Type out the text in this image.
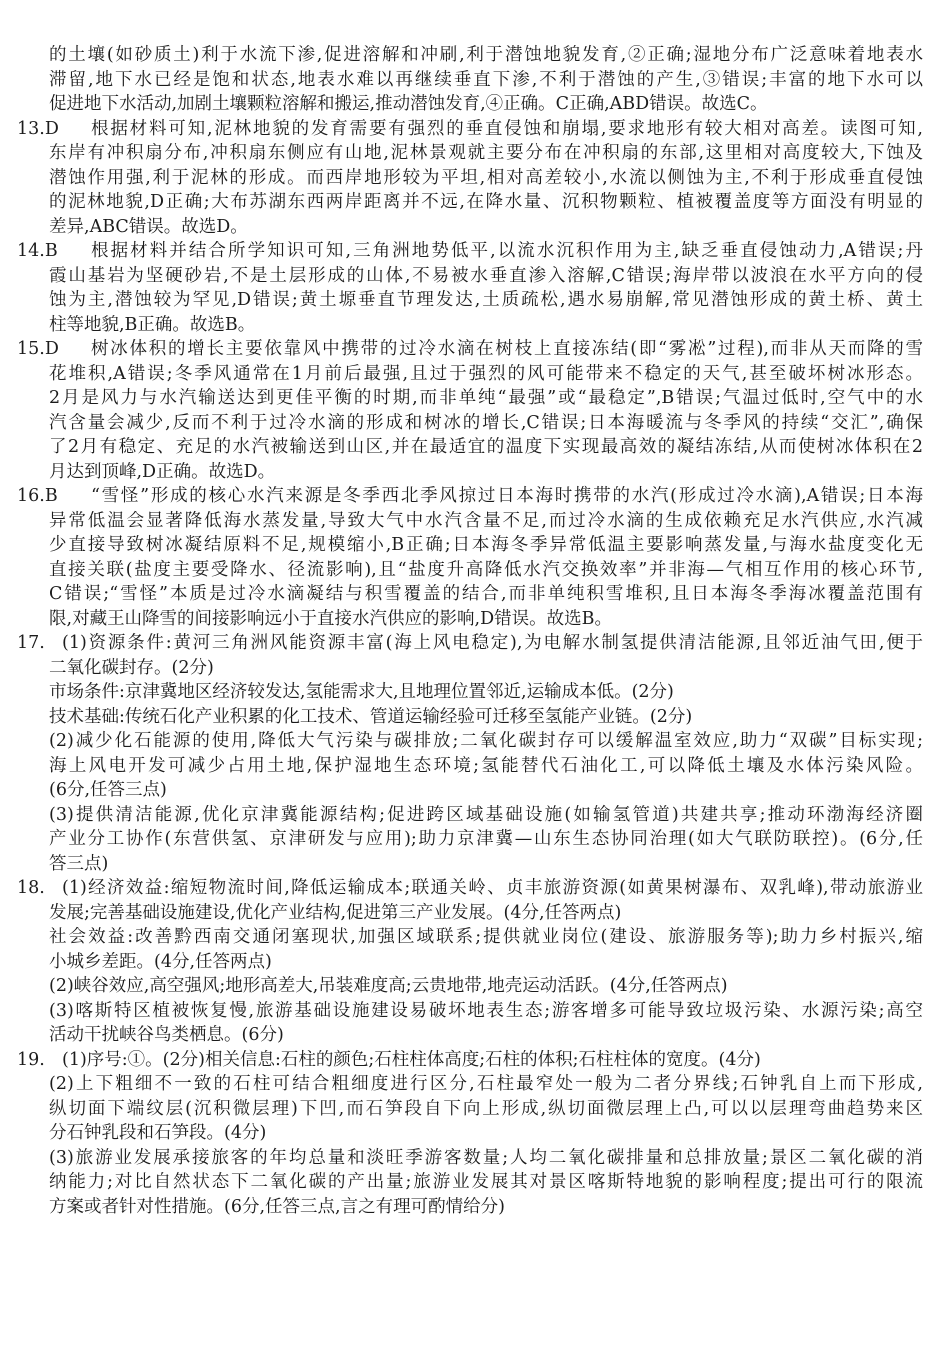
的土壤(如砂质土)利于水流下渗,促进溶解和冲刷,利于潜蚀地貌发育,②正确;湿地分布广泛意味着地表水
滞留,地下水已经是饱和状态,地表水难以再继续垂直下渗,不利于潜蚀的产生,③错误;丰富的地下水可以
促进地下水活动,加剧土壤颗粒溶解和搬运,推动潜蚀发育,④正确。C正确,ABD错误。故选C。
13.D	根据材料可知,泥林地貌的发育需要有强烈的垂直侵蚀和崩塌,要求地形有较大相对高差。读图可知,
东岸有冲积扇分布,冲积扇东侧应有山地,泥林景观就主要分布在冲积扇的东部,这里相对高度较大,下蚀及
潜蚀作用强,利于泥林的形成。而西岸地形较为平坦,相对高差较小,水流以侧蚀为主,不利于形成垂直侵蚀
的泥林地貌,D正确;大布苏湖东西两岸距离并不远,在降水量、沉积物颗粒、植被覆盖度等方面没有明显的
差异,ABC错误。故选D。
14.B	根据材料并结合所学知识可知,三角洲地势低平,以流水沉积作用为主,缺乏垂直侵蚀动力,A错误;丹
霞山基岩为坚硬砂岩,不是土层形成的山体,不易被水垂直渗入溶解,C错误;海岸带以波浪在水平方向的侵
蚀为主,潜蚀较为罕见,D错误;黄土塬垂直节理发达,土质疏松,遇水易崩解,常见潜蚀形成的黄土桥、黄土
柱等地貌,B正确。故选B。
15.D	树冰体积的增长主要依靠风中携带的过冷水滴在树枝上直接冻结(即“雾凇”过程),而非从天而降的雪
花堆积,A错误;冬季风通常在1月前后最强,且过于强烈的风可能带来不稳定的天气,甚至破坏树冰形态。
2月是风力与水汽输送达到更佳平衡的时期,而非单纯“最强”或“最稳定”,B错误;气温过低时,空气中的水
汽含量会减少,反而不利于过冷水滴的形成和树冰的增长,C错误;日本海暖流与冬季风的持续“交汇”,确保
了2月有稳定、充足的水汽被输送到山区,并在最适宜的温度下实现最高效的凝结冻结,从而使树冰体积在2
月达到顶峰,D正确。故选D。
16.B	“雪怪”形成的核心水汽来源是冬季西北季风掠过日本海时携带的水汽(形成过冷水滴),A错误;日本海
异常低温会显著降低海水蒸发量,导致大气中水汽含量不足,而过冷水滴的生成依赖充足水汽供应,水汽减
少直接导致树冰凝结原料不足,规模缩小,B正确;日本海冬季异常低温主要影响蒸发量,与海水盐度变化无
直接关联(盐度主要受降水、径流影响),且“盐度升高降低水汽交换效率”并非海—气相互作用的核心环节,
C错误;“雪怪”本质是过冷水滴凝结与积雪覆盖的结合,而非单纯积雪堆积,且日本海冬季海冰覆盖范围有
限,对藏王山降雪的间接影响远小于直接水汽供应的影响,D错误。故选B。
17. (1)资源条件:黄河三角洲风能资源丰富(海上风电稳定),为电解水制氢提供清洁能源,且邻近油气田,便于
二氧化碳封存。(2分)
市场条件:京津冀地区经济较发达,氢能需求大,且地理位置邻近,运输成本低。(2分)
技术基础:传统石化产业积累的化工技术、管道运输经验可迁移至氢能产业链。(2分)
(2)减少化石能源的使用,降低大气污染与碳排放;二氧化碳封存可以缓解温室效应,助力“双碳”目标实现;
海上风电开发可减少占用土地,保护湿地生态环境;氢能替代石油化工,可以降低土壤及水体污染风险。
(6分,任答三点)
(3)提供清洁能源,优化京津冀能源结构;促进跨区域基础设施(如输氢管道)共建共享;推动环渤海经济圈
产业分工协作(东营供氢、京津研发与应用);助力京津冀—山东生态协同治理(如大气联防联控)。(6分,任
答三点)
18. (1)经济效益:缩短物流时间,降低运输成本;联通关岭、贞丰旅游资源(如黄果树瀑布、双乳峰),带动旅游业
发展;完善基础设施建设,优化产业结构,促进第三产业发展。(4分,任答两点)
社会效益:改善黔西南交通闭塞现状,加强区域联系;提供就业岗位(建设、旅游服务等);助力乡村振兴,缩
小城乡差距。(4分,任答两点)
(2)峡谷效应,高空强风;地形高差大,吊装难度高;云贵地带,地壳运动活跃。(4分,任答两点)
(3)喀斯特区植被恢复慢,旅游基础设施建设易破坏地表生态;游客增多可能导致垃圾污染、水源污染;高空
活动干扰峡谷鸟类栖息。(6分)
19. (1)序号:①。(2分)相关信息:石柱的颜色;石柱柱体高度;石柱的体积;石柱柱体的宽度。(4分)
(2)上下粗细不一致的石柱可结合粗细度进行区分,石柱最窄处一般为二者分界线;石钟乳自上而下形成,
纵切面下端纹层(沉积微层理)下凹,而石笋段自下向上形成,纵切面微层理上凸,可以以层理弯曲趋势来区
分石钟乳段和石笋段。(4分)
(3)旅游业发展承接旅客的年均总量和淡旺季游客数量;人均二氧化碳排量和总排放量;景区二氧化碳的消
纳能力;对比自然状态下二氧化碳的产出量;旅游业发展其对景区喀斯特地貌的影响程度;提出可行的限流
方案或者针对性措施。(6分,任答三点,言之有理可酌情给分)
